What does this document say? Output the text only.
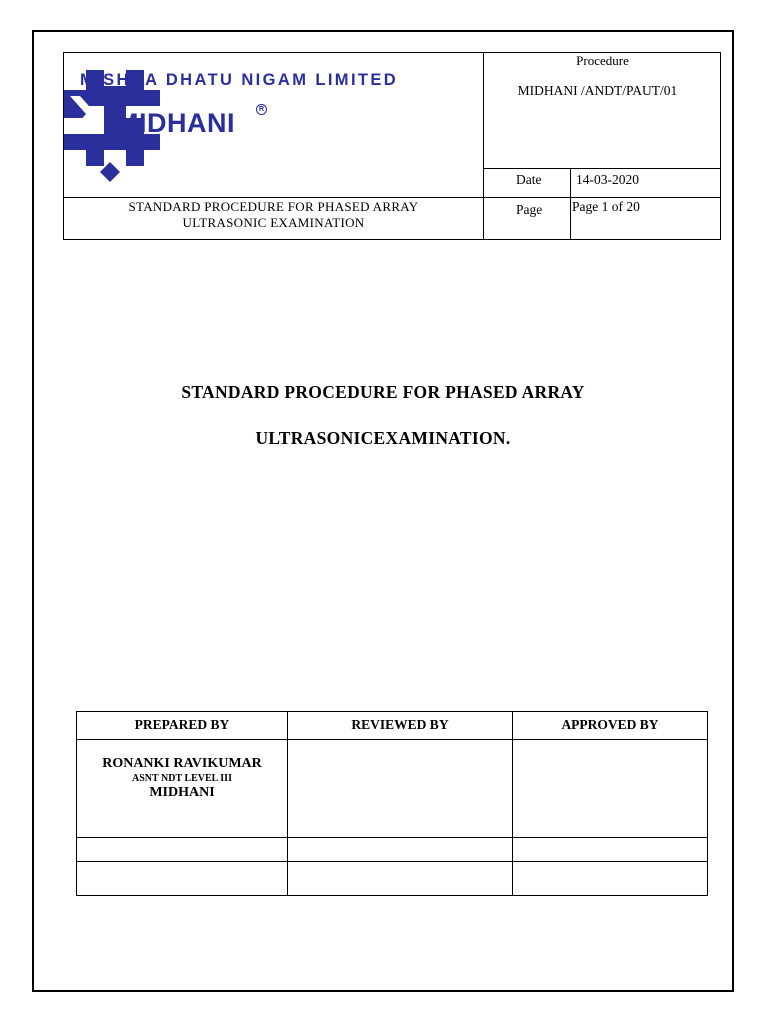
MISHRA DHATU NIGAM LIMITED
MIDHANI	R
Procedure
MIDHANI /ANDT/PAUT/01
Date	14-03-2020
Page Page 1 of 20
STANDARD PROCEDURE FOR PHASED ARRAY
ULTRASONIC EXAMINATION
STANDARD PROCEDURE FOR PHASED ARRAY
ULTRASONICEXAMINATION.
PREPARED BY	REVIEWED BY	APPROVED BY
RONANKI RAVIKUMAR
ASNT NDT LEVEL III
MIDHANI
